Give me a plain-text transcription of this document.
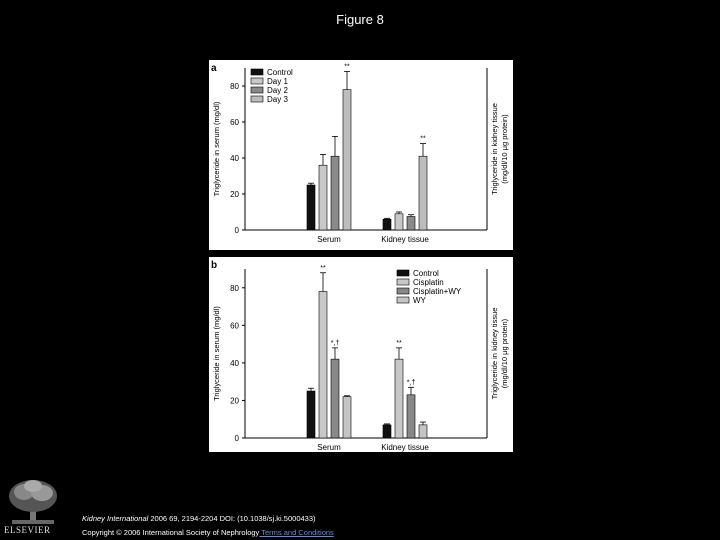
Figure 8
a
0
20
40
60
80
Triglyceride in serum (mg/dl)	Triglyceride in kidney tissue (mg/dl/10 μg protein)
Serum
**
Kidney tissue
**
Control
Day 1
Day 2
Day 3
b
0
20
40
60
80
Triglyceride in serum (mg/dl)	Triglyceride in kidney tissue (mg/dl/10 μg protein)
Serum
**
*,†
Kidney tissue
**
*,†
Control
Cisplatin
Cisplatin+WY
WY
ELSEVIER
Kidney International 2006 69, 2194-2204 DOI: (10.1038/sj.ki.5000433)
Copyright © 2006 International Society of Nephrology Terms and Conditions
